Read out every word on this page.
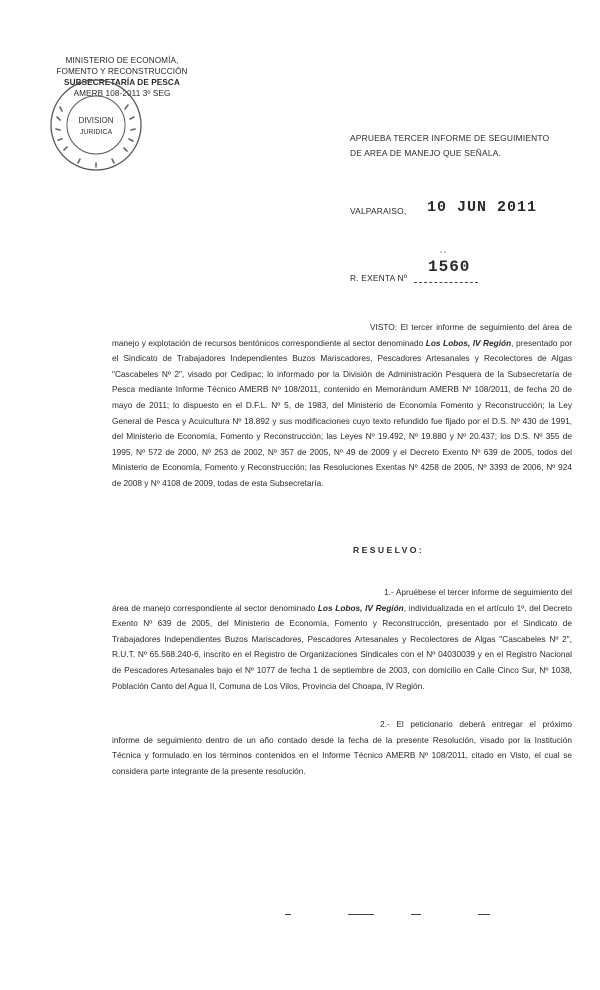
MINISTERIO DE ECONOMÍA,
FOMENTO Y RECONSTRUCCIÓN
SUBSECRETARÍA DE PESCA
AMERB 108-2011 3º SEG
DIVISION
JURIDICA
APRUEBA TERCER INFORME DE SEGUIMIENTO
DE AREA DE MANEJO QUE SEÑALA.
VALPARAISO, 10 JUN 2011
R. EXENTA Nº
" "
1560
VISTO: El tercer informe de seguimiento del área de manejo y explotación de recursos bentónicos correspondiente al sector denominado Los Lobos, IV Región, presentado por el Sindicato de Trabajadores Independientes Buzos Mariscadores, Pescadores Artesanales y Recolectores de Algas "Cascabeles Nº 2", visado por Cedipac; lo informado por la División de Administración Pesquera de la Subsecretaría de Pesca mediante Informe Técnico AMERB Nº 108/2011, contenido en Memorándum AMERB Nº 108/2011, de fecha 20 de mayo de 2011; lo dispuesto en el D.F.L. Nº 5, de 1983, del Ministerio de Economía Fomento y Reconstrucción; la Ley General de Pesca y Acuicultura Nº 18.892 y sus modificaciones cuyo texto refundido fue fijado por el D.S. Nº 430 de 1991, del Ministerio de Economía, Fomento y Reconstrucción; las Leyes Nº 19.492, Nº 19.880 y Nº 20.437; los D.S. Nº 355 de 1995, Nº 572 de 2000, Nº 253 de 2002, Nº 357 de 2005, Nº 49 de 2009 y el Decreto Exento Nº 639 de 2005, todos del Ministerio de Economía, Fomento y Reconstrucción; las Resoluciones Exentas Nº 4258 de 2005, Nº 3393 de 2006, Nº 924 de 2008 y Nº 4108 de 2009, todas de esta Subsecretaría.
RESUELVO:
1.- Apruébese el tercer informe de seguimiento del área de manejo correspondiente al sector denominado Los Lobos, IV Región, individualizada en el artículo 1º, del Decreto Exento Nº 639 de 2005, del Ministerio de Economía, Fomento y Reconstrucción, presentado por el Sindicato de Trabajadores Independientes Buzos Mariscadores, Pescadores Artesanales y Recolectores de Algas "Cascabeles Nº 2", R.U.T. Nº 65.568.240-6, inscrito en el Registro de Organizaciones Sindicales con el Nº 04030039 y en el Registro Nacional de Pescadores Artesanales bajo el Nº 1077 de fecha 1 de septiembre de 2003, con domicilio en Calle Cinco Sur, Nº 1038, Población Canto del Agua II, Comuna de Los Vilos, Provincia del Choapa, IV Región.
2.- El peticionario deberá entregar el próximo informe de seguimiento dentro de un año contado desde la fecha de la presente Resolución, visado por la Institución Técnica y formulado en los términos contenidos en el Informe Técnico AMERB Nº 108/2011, citado en Visto, el cual se considera parte integrante de la presente resolución.
